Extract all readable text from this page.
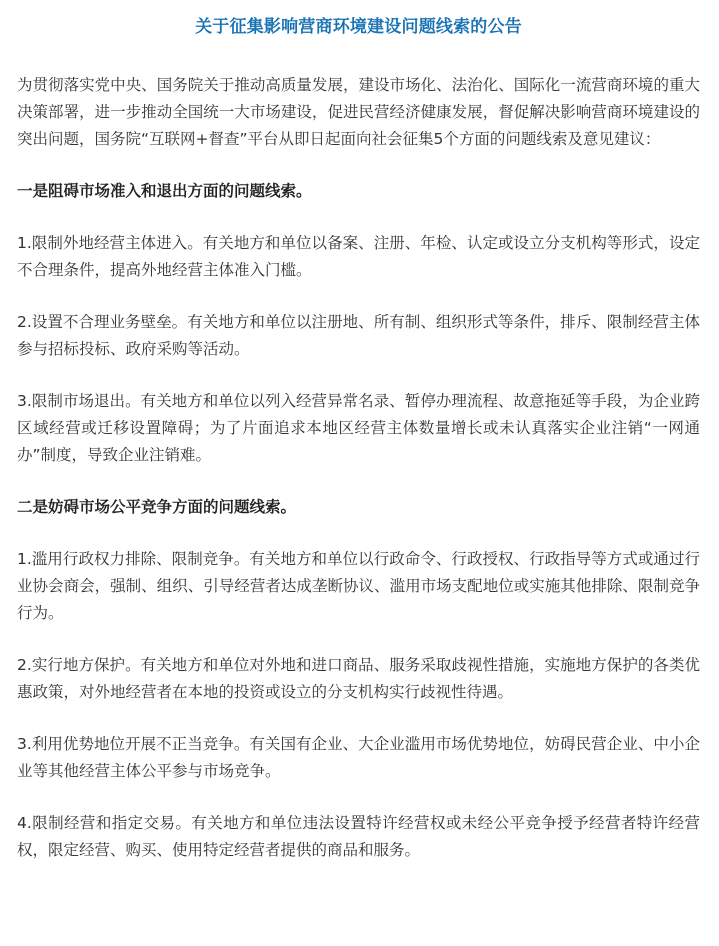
关于征集影响营商环境建设问题线索的公告

为贯彻落实党中央、国务院关于推动高质量发展，建设市场化、法治化、国际化一流营商环境的重大决策部署，进一步推动全国统一大市场建设，促进民营经济健康发展，督促解决影响营商环境建设的突出问题，国务院“互联网+督查”平台从即日起面向社会征集5个方面的问题线索及意见建议：

一是阻碍市场准入和退出方面的问题线索。

1.限制外地经营主体进入。有关地方和单位以备案、注册、年检、认定或设立分支机构等形式，设定不合理条件，提高外地经营主体准入门槛。

2.设置不合理业务壁垒。有关地方和单位以注册地、所有制、组织形式等条件，排斥、限制经营主体参与招标投标、政府采购等活动。

3.限制市场退出。有关地方和单位以列入经营异常名录、暂停办理流程、故意拖延等手段，为企业跨区域经营或迁移设置障碍；为了片面追求本地区经营主体数量增长或未认真落实企业注销“一网通办”制度，导致企业注销难。

二是妨碍市场公平竞争方面的问题线索。

1.滥用行政权力排除、限制竞争。有关地方和单位以行政命令、行政授权、行政指导等方式或通过行业协会商会，强制、组织、引导经营者达成垄断协议、滥用市场支配地位或实施其他排除、限制竞争行为。

2.实行地方保护。有关地方和单位对外地和进口商品、服务采取歧视性措施，实施地方保护的各类优惠政策，对外地经营者在本地的投资或设立的分支机构实行歧视性待遇。

3.利用优势地位开展不正当竞争。有关国有企业、大企业滥用市场优势地位，妨碍民营企业、中小企业等其他经营主体公平参与市场竞争。

4.限制经营和指定交易。有关地方和单位违法设置特许经营权或未经公平竞争授予经营者特许经营权，限定经营、购买、使用特定经营者提供的商品和服务。
